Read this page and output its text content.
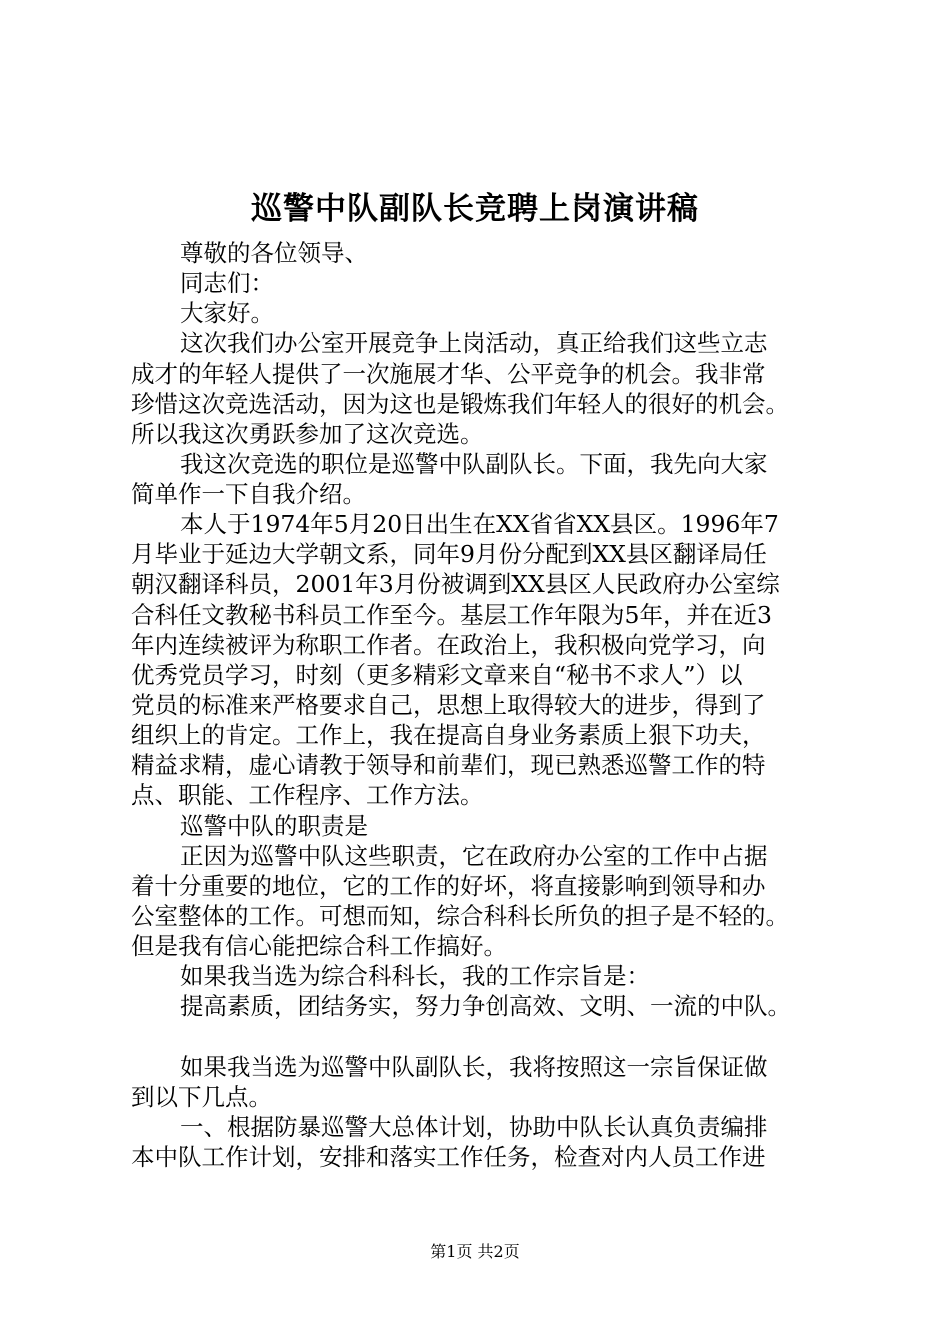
巡警中队副队长竞聘上岗演讲稿
尊敬的各位领导、
同志们：
大家好。
这次我们办公室开展竞争上岗活动，真正给我们这些立志
成才的年轻人提供了一次施展才华、公平竞争的机会。我非常
珍惜这次竞选活动，因为这也是锻炼我们年轻人的很好的机会。
所以我这次勇跃参加了这次竞选。
我这次竞选的职位是巡警中队副队长。下面，我先向大家
简单作一下自我介绍。
本人于1974年5月20日出生在XX省省XX县区。1996年7
月毕业于延边大学朝文系，同年9月份分配到XX县区翻译局任
朝汉翻译科员，2001年3月份被调到XX县区人民政府办公室综
合科任文教秘书科员工作至今。基层工作年限为5年，并在近3
年内连续被评为称职工作者。在政治上，我积极向党学习，向
优秀党员学习，时刻（更多精彩文章来自“秘书不求人”）以
党员的标准来严格要求自己，思想上取得较大的进步，得到了
组织上的肯定。工作上，我在提高自身业务素质上狠下功夫，
精益求精，虚心请教于领导和前辈们，现已熟悉巡警工作的特
点、职能、工作程序、工作方法。
巡警中队的职责是
正因为巡警中队这些职责，它在政府办公室的工作中占据
着十分重要的地位，它的工作的好坏，将直接影响到领导和办
公室整体的工作。可想而知，综合科科长所负的担子是不轻的。
但是我有信心能把综合科工作搞好。
如果我当选为综合科科长，我的工作宗旨是：
提高素质，团结务实，努力争创高效、文明、一流的中队。
如果我当选为巡警中队副队长，我将按照这一宗旨保证做
到以下几点。
一、根据防暴巡警大总体计划，协助中队长认真负责编排
本中队工作计划，安排和落实工作任务，检查对内人员工作进
第1页 共2页
